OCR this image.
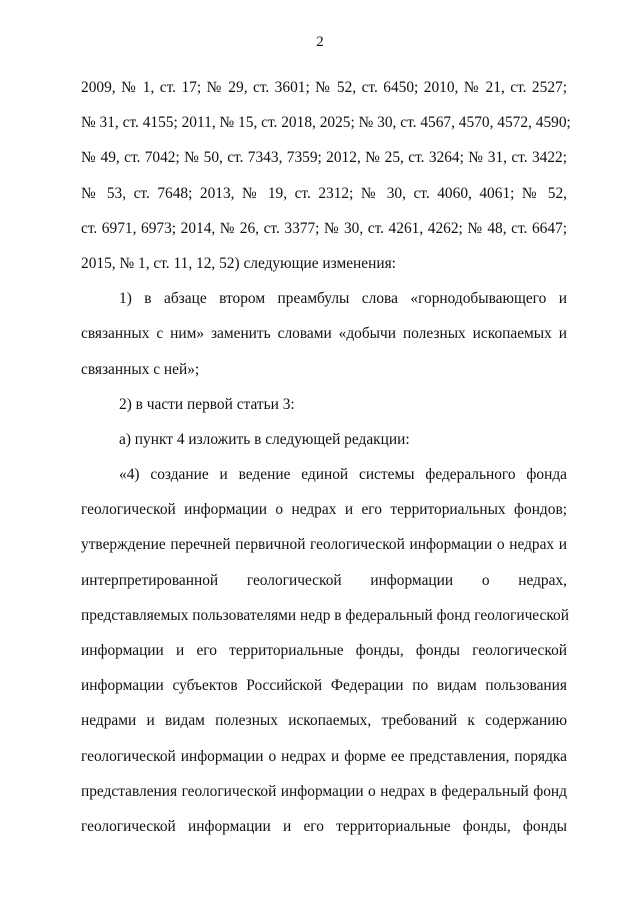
2
2009, № 1, ст. 17; № 29, ст. 3601; № 52, ст. 6450; 2010, № 21, ст. 2527;
№ 31, ст. 4155; 2011, № 15, ст. 2018, 2025; № 30, ст. 4567, 4570, 4572, 4590;
№ 49, ст. 7042; № 50, ст. 7343, 7359; 2012, № 25, ст. 3264; № 31, ст. 3422;
№ 53, ст. 7648; 2013, № 19, ст. 2312; № 30, ст. 4060, 4061; № 52,
ст. 6971, 6973; 2014, № 26, ст. 3377; № 30, ст. 4261, 4262; № 48, ст. 6647;
2015, № 1, ст. 11, 12, 52) следующие изменения:
1) в абзаце втором преамбулы слова «горнодобывающего и
связанных с ним» заменить словами «добычи полезных ископаемых и
связанных с ней»;
2) в части первой статьи 3:
а) пункт 4 изложить в следующей редакции:
«4) создание и ведение единой системы федерального фонда
геологической информации о недрах и его территориальных фондов;
утверждение перечней первичной геологической информации о недрах и
интерпретированной геологической информации о недрах,
представляемых пользователями недр в федеральный фонд геологической
информации и его территориальные фонды, фонды геологической
информации субъектов Российской Федерации по видам пользования
недрами и видам полезных ископаемых, требований к содержанию
геологической информации о недрах и форме ее представления, порядка
представления геологической информации о недрах в федеральный фонд
геологической информации и его территориальные фонды, фонды
